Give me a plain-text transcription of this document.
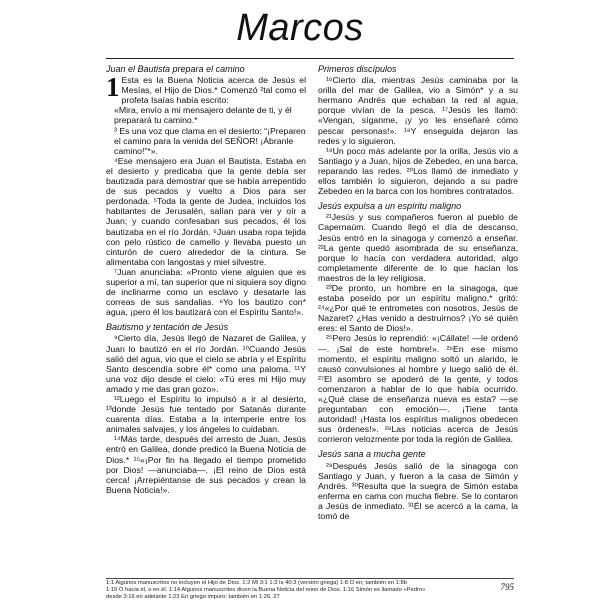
Marcos
Juan el Bautista prepara el camino

1 Esta es la Buena Noticia acerca de Jesús el Mesías, el Hijo de Dios.* Comenzó ²tal como el profeta Isaías había escrito:

«Mira, envío a mi mensajero delante de ti, y él preparará tu camino.*

³ Es una voz que clama en el desierto: “¡Preparen el camino para la venida del SEÑOR! ¡Ábranle camino!”*».

⁴Ese mensajero era Juan el Bautista. Estaba en el desierto y predicaba que la gente debía ser bautizada para demostrar que se había arrepentido de sus pecados y vuelto a Dios para ser perdonada. ⁵Toda la gente de Judea, incluidos los habitantes de Jerusalén, salían para ver y oír a Juan; y cuando confesaban sus pecados, él los bautizaba en el río Jordán. ⁶Juan usaba ropa tejida con pelo rústico de camello y llevaba puesto un cinturón de cuero alrededor de la cintura. Se alimentaba con langostas y miel silvestre.

⁷Juan anunciaba: «Pronto viene alguien que es superior a mí, tan superior que ni siquiera soy digno de inclinarme como un esclavo y desatarle las correas de sus sandalias. ⁸Yo los bautizo con* agua, ¡pero él los bautizará con el Espíritu Santo!».

Bautismo y tentación de Jesús

⁹Cierto día, Jesús llegó de Nazaret de Galilea, y Juan lo bautizó en el río Jordán. ¹⁰Cuando Jesús salió del agua, vio que el cielo se abría y el Espíritu Santo descendía sobre él* como una paloma. ¹¹Y una voz dijo desde el cielo: «Tú eres mi Hijo muy amado y me das gran gozo».

¹²Luego el Espíritu lo impulsó a ir al desierto, ¹³donde Jesús fue tentado por Satanás durante cuarenta días. Estaba a la intemperie entre los animales salvajes, y los ángeles lo cuidaban.

¹⁴Más tarde, después del arresto de Juan, Jesús entró en Galilea, donde predicó la Buena Noticia de Dios.* ¹⁵«¡Por fin ha llegado el tiempo prometido por Dios! —anunciaba—. ¡El reino de Dios está cerca! ¡Arrepiéntanse de sus pecados y crean la Buena Noticia!».

Primeros discípulos

¹⁶Cierto día, mientras Jesús caminaba por la orilla del mar de Galilea, vio a Simón* y a su hermano Andrés que echaban la red al agua, porque vivían de la pesca. ¹⁷Jesús les llamó: «Vengan, síganme, ¡y yo les enseñaré cómo pescar personas!». ¹⁸Y enseguida dejaron las redes y lo siguieron.

¹⁹Un poco más adelante por la orilla, Jesús vio a Santiago y a Juan, hijos de Zebedeo, en una barca, reparando las redes. ²⁰Los llamó de inmediato y ellos también lo siguieron, dejando a su padre Zebedeo en la barca con los hombres contratados.

Jesús expulsa a un espíritu maligno

²¹Jesús y sus compañeros fueron al pueblo de Capernaúm. Cuando llegó el día de descanso, Jesús entró en la sinagoga y comenzó a enseñar. ²²La gente quedó asombrada de su enseñanza, porque lo hacía con verdadera autoridad, algo completamente diferente de lo que hacían los maestros de la ley religiosa.

²³De pronto, un hombre en la sinagoga, que estaba poseído por un espíritu maligno,* gritó: ²⁴«¿Por qué te entrometes con nosotros, Jesús de Nazaret? ¿Has venido a destruirnos? ¡Yo sé quién eres: el Santo de Dios!».

²⁵Pero Jesús lo reprendió: «¡Cállate! —le ordenó—. ¡Sal de este hombre!». ²⁶En ese mismo momento, el espíritu maligno soltó un alarido, le causó convulsiones al hombre y luego salió de él. ²⁷El asombro se apoderó de la gente, y todos comenzaron a hablar de lo que había ocurrido. «¿Qué clase de enseñanza nueva es esta? —se preguntaban con emoción—. ¡Tiene tanta autoridad! ¡Hasta los espíritus malignos obedecen sus órdenes!». ²⁸Las noticias acerca de Jesús corrieron velozmente por toda la región de Galilea.

Jesús sana a mucha gente

²⁹Después Jesús salió de la sinagoga con Santiago y Juan, y fueron a la casa de Simón y Andrés. ³⁰Resulta que la suegra de Simón estaba enferma en cama con mucha fiebre. Se lo contaron a Jesús de inmediato. ³¹Él se acercó a la cama, la tomó de

1:1 Algunos manuscritos no incluyen el Hijo de Dios. 1:2 Ml 3:1 1:3 Is 40:3 (versión griega) 1:8 O en; también en 1:8b
1:10 O hacia él, o en él. 1:14 Algunos manuscritos dicen la Buena Noticia del reino de Dios. 1:16 Simón es llamado «Pedro»
desde 3:16 en adelante 1:23 En griego impuro; también en 1:26, 27
795
